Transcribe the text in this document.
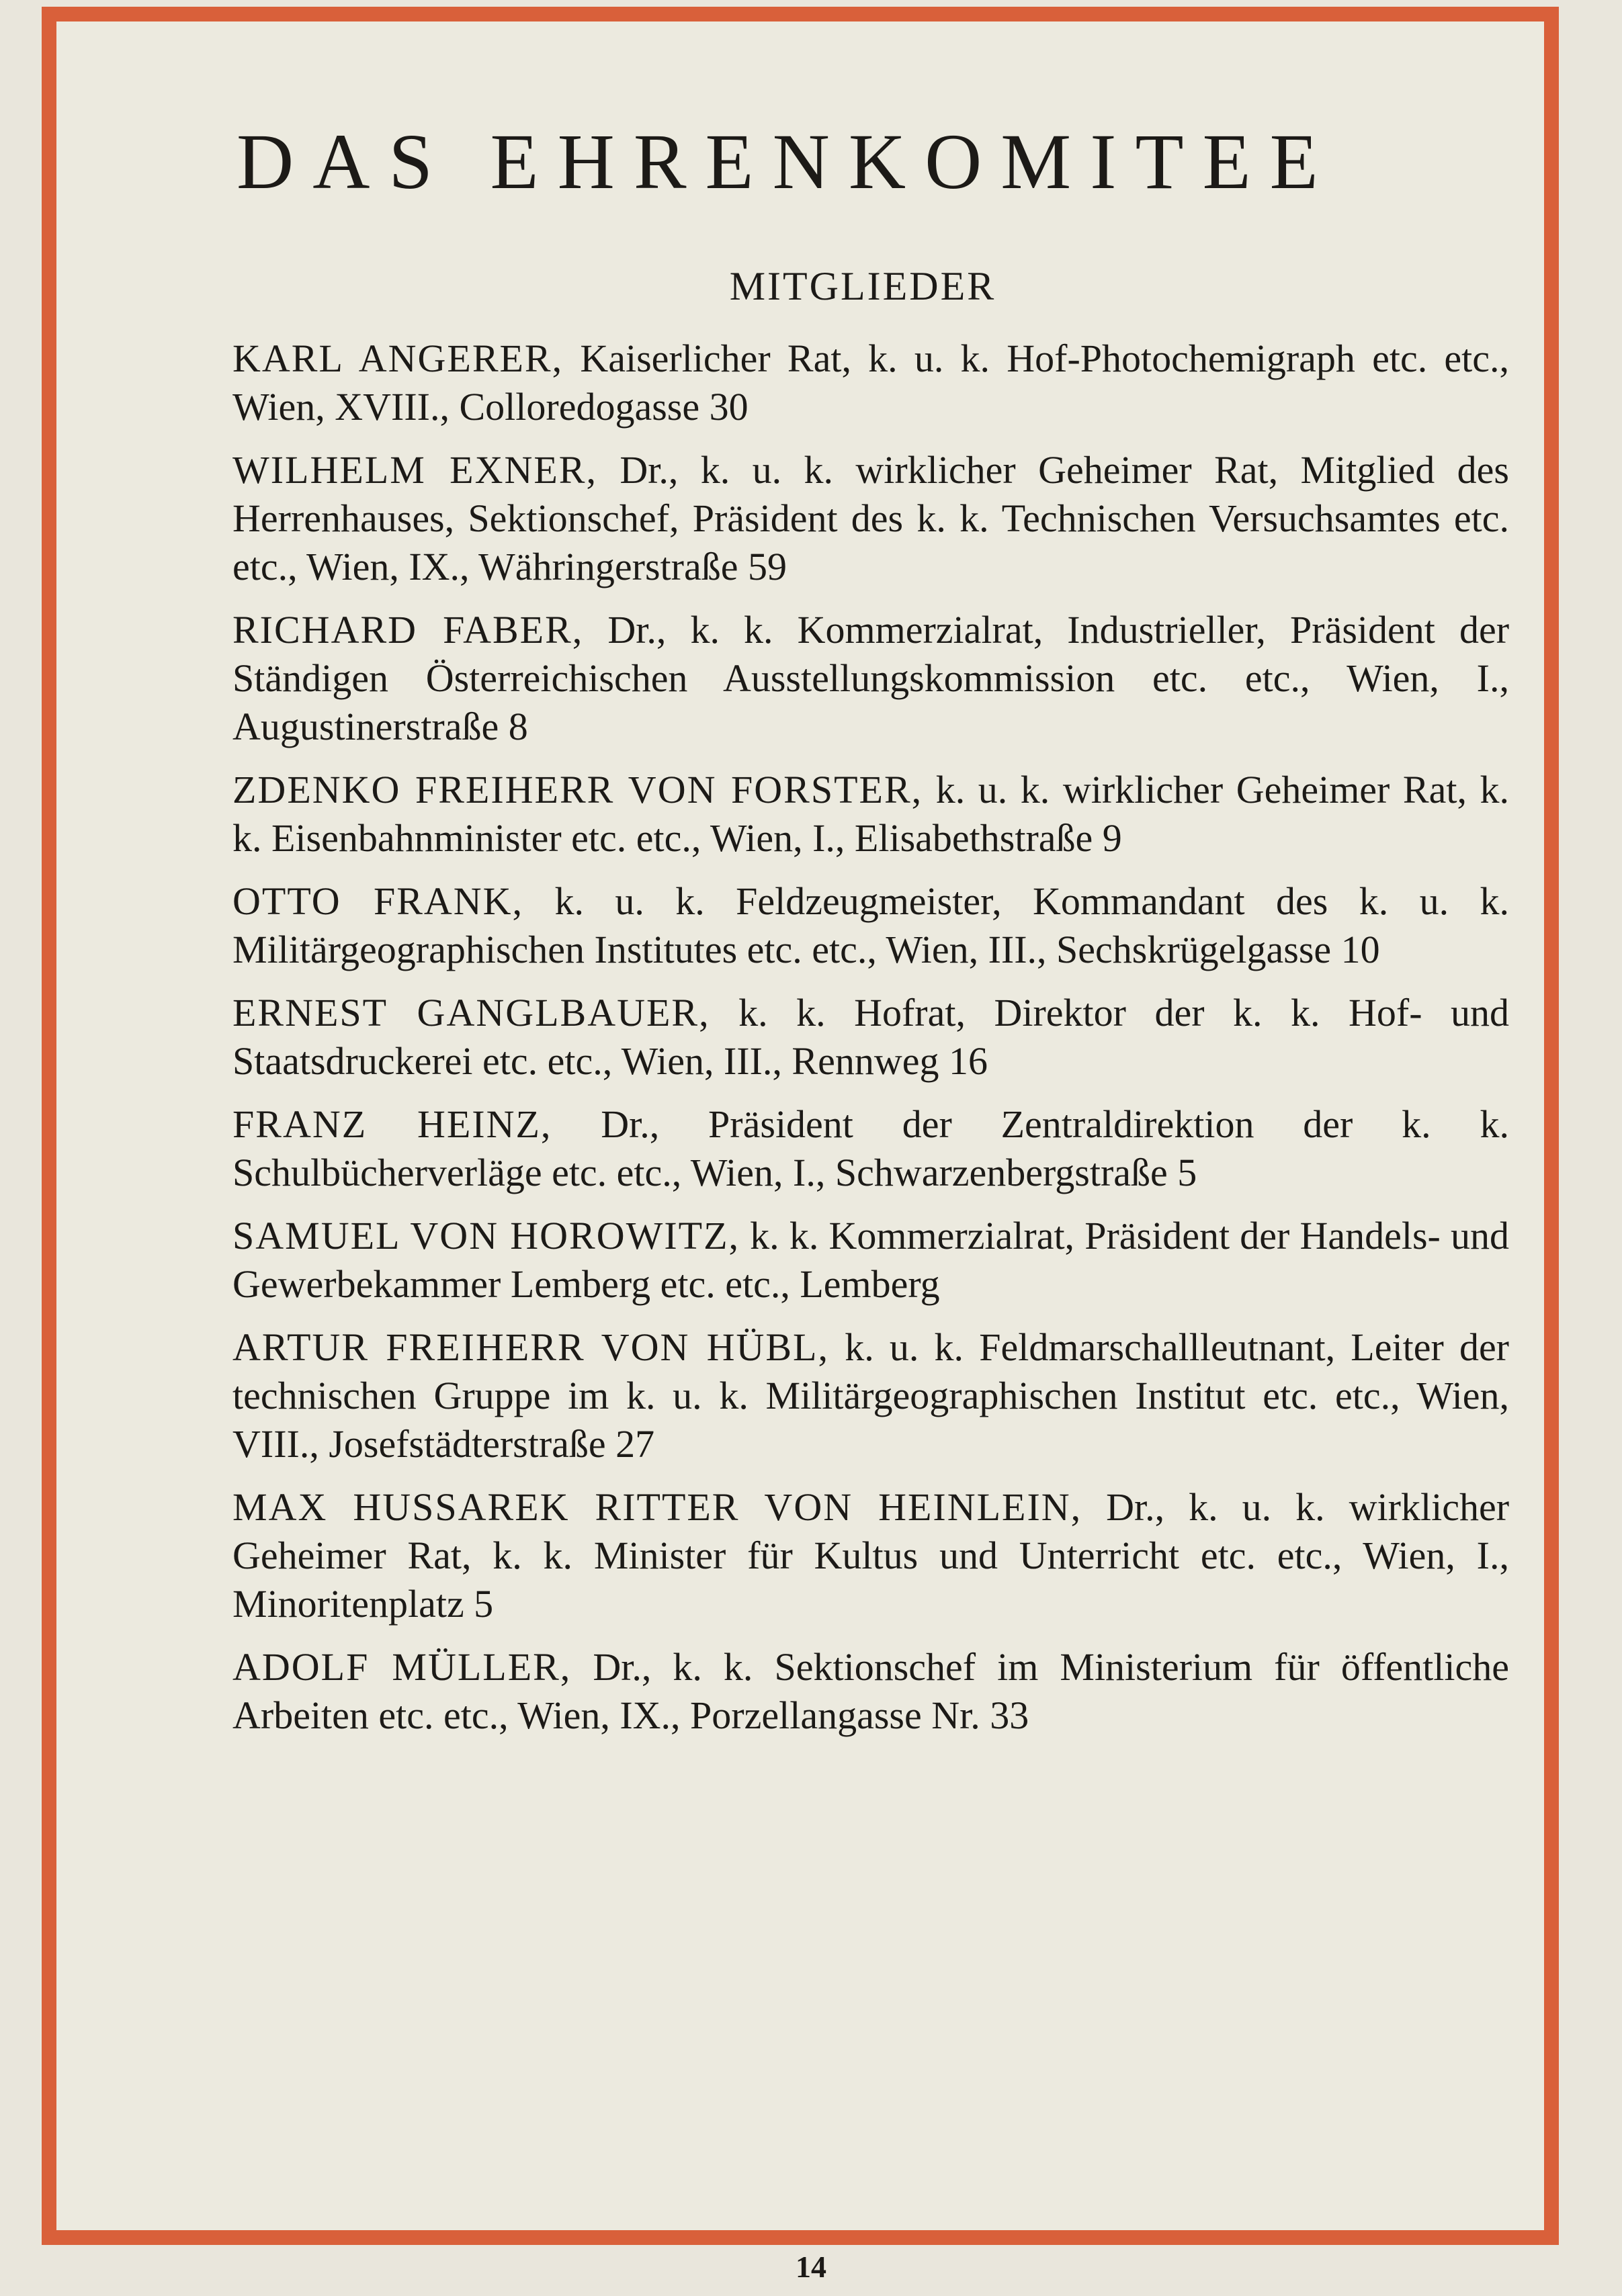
DAS EHRENKOMITEE
MITGLIEDER

KARL ANGERER, Kaiserlicher Rat, k. u. k. Hof-Photochemigraph etc. etc., Wien, XVIII., Colloredogasse 30

WILHELM EXNER, Dr., k. u. k. wirklicher Geheimer Rat, Mitglied des Herrenhauses, Sektionschef, Präsident des k. k. Technischen Versuchsamtes etc. etc., Wien, IX., Währingerstraße 59

RICHARD FABER, Dr., k. k. Kommerzialrat, Industrieller, Präsident der Ständigen Österreichischen Ausstellungskommission etc. etc., Wien, I., Augustinerstraße 8

ZDENKO FREIHERR VON FORSTER, k. u. k. wirklicher Geheimer Rat, k. k. Eisenbahnminister etc. etc., Wien, I., Elisabethstraße 9

OTTO FRANK, k. u. k. Feldzeugmeister, Kommandant des k. u. k. Militärgeographischen Institutes etc. etc., Wien, III., Sechskrügelgasse 10

ERNEST GANGLBAUER, k. k. Hofrat, Direktor der k. k. Hof- und Staatsdruckerei etc. etc., Wien, III., Rennweg 16

FRANZ HEINZ, Dr., Präsident der Zentraldirektion der k. k. Schulbücherverläge etc. etc., Wien, I., Schwarzenbergstraße 5

SAMUEL VON HOROWITZ, k. k. Kommerzialrat, Präsident der Handels- und Gewerbekammer Lemberg etc. etc., Lemberg

ARTUR FREIHERR VON HÜBL, k. u. k. Feldmarschallleutnant, Leiter der technischen Gruppe im k. u. k. Militärgeographischen Institut etc. etc., Wien, VIII., Josefstädterstraße 27

MAX HUSSAREK RITTER VON HEINLEIN, Dr., k. u. k. wirklicher Geheimer Rat, k. k. Minister für Kultus und Unterricht etc. etc., Wien, I., Minoritenplatz 5

ADOLF MÜLLER, Dr., k. k. Sektionschef im Ministerium für öffentliche Arbeiten etc. etc., Wien, IX., Porzellangasse Nr. 33

14
